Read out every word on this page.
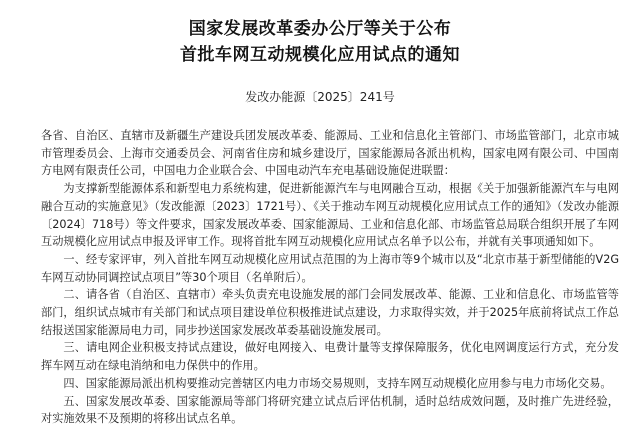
国家发展改革委办公厅等关于公布
首批车网互动规模化应用试点的通知
发改办能源〔2025〕241号

各省、自治区、直辖市及新疆生产建设兵团发展改革委、能源局、工业和信息化主管部门、市场监管部门，北京市城市管理委员会、上海市交通委员会、河南省住房和城乡建设厅，国家能源局各派出机构，国家电网有限公司、中国南方电网有限责任公司，中国电力企业联合会、中国电动汽车充电基础设施促进联盟：

为支撑新型能源体系和新型电力系统构建，促进新能源汽车与电网融合互动，根据《关于加强新能源汽车与电网融合互动的实施意见》（发改能源〔2023〕1721号）、《关于推动车网互动规模化应用试点工作的通知》（发改办能源〔2024〕718号）等文件要求，国家发展改革委、国家能源局、工业和信息化部、市场监管总局联合组织开展了车网互动规模化应用试点申报及评审工作。现将首批车网互动规模化应用试点名单予以公布，并就有关事项通知如下。

一、经专家评审，列入首批车网互动规模化应用试点范围的为上海市等9个城市以及“北京市基于新型储能的V2G车网互动协同调控试点项目”等30个项目（名单附后）。

二、请各省（自治区、直辖市）牵头负责充电设施发展的部门会同发展改革、能源、工业和信息化、市场监管等部门，组织试点城市有关部门和试点项目建设单位积极推进试点建设，力求取得实效，并于2025年底前将试点工作总结报送国家能源局电力司，同步抄送国家发展改革委基础设施发展司。

三、请电网企业积极支持试点建设，做好电网接入、电费计量等支撑保障服务，优化电网调度运行方式，充分发挥车网互动在绿电消纳和电力保供中的作用。

四、国家能源局派出机构要推动完善辖区内电力市场交易规则，支持车网互动规模化应用参与电力市场化交易。

五、国家发展改革委、国家能源局等部门将研究建立试点后评估机制，适时总结成效问题，及时推广先进经验，对实施效果不及预期的将移出试点名单。
